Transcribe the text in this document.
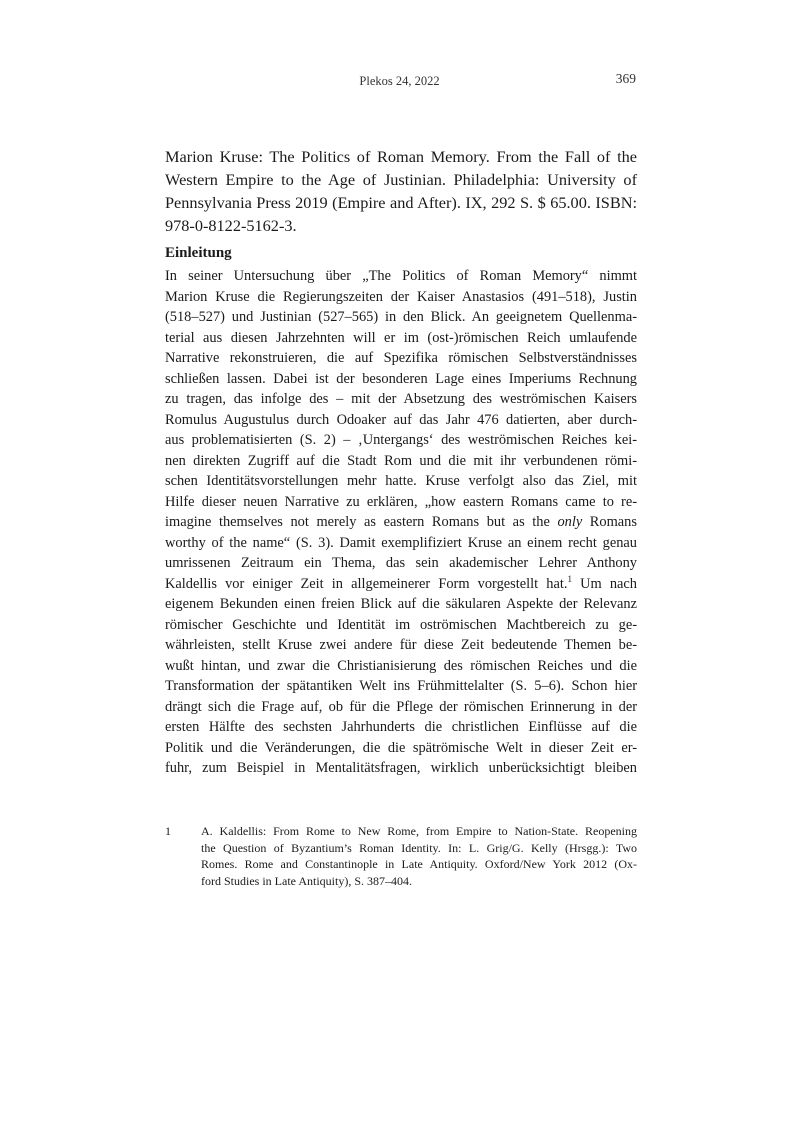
Plekos 24, 2022	369
Marion Kruse: The Politics of Roman Memory. From the Fall of the
Western Empire to the Age of Justinian. Philadelphia: University of
Pennsylvania Press 2019 (Empire and After). IX, 292 S. $ 65.00. ISBN:
978-0-8122-5162-3.
Einleitung
In seiner Untersuchung über „The Politics of Roman Memory“ nimmt
Marion Kruse die Regierungszeiten der Kaiser Anastasios (491–518), Justin
(518–527) und Justinian (527–565) in den Blick. An geeignetem Quellenma-
terial aus diesen Jahrzehnten will er im (ost-)römischen Reich umlaufende
Narrative rekonstruieren, die auf Spezifika römischen Selbstverständnisses
schließen lassen. Dabei ist der besonderen Lage eines Imperiums Rechnung
zu tragen, das infolge des – mit der Absetzung des weströmischen Kaisers
Romulus Augustulus durch Odoaker auf das Jahr 476 datierten, aber durch-
aus problematisierten (S. 2) – ‚Untergangs‘ des weströmischen Reiches kei-
nen direkten Zugriff auf die Stadt Rom und die mit ihr verbundenen römi-
schen Identitätsvorstellungen mehr hatte. Kruse verfolgt also das Ziel, mit
Hilfe dieser neuen Narrative zu erklären, „how eastern Romans came to re-
imagine themselves not merely as eastern Romans but as the only Romans
worthy of the name“ (S. 3). Damit exemplifiziert Kruse an einem recht genau
umrissenen Zeitraum ein Thema, das sein akademischer Lehrer Anthony
Kaldellis vor einiger Zeit in allgemeinerer Form vorgestellt hat.$^1$ Um nach
eigenem Bekunden einen freien Blick auf die säkularen Aspekte der Relevanz
römischer Geschichte und Identität im oströmischen Machtbereich zu ge-
währleisten, stellt Kruse zwei andere für diese Zeit bedeutende Themen be-
wußt hintan, und zwar die Christianisierung des römischen Reiches und die
Transformation der spätantiken Welt ins Frühmittelalter (S. 5–6). Schon hier
drängt sich die Frage auf, ob für die Pflege der römischen Erinnerung in der
ersten Hälfte des sechsten Jahrhunderts die christlichen Einflüsse auf die
Politik und die Veränderungen, die die spätrömische Welt in dieser Zeit er-
fuhr, zum Beispiel in Mentalitätsfragen, wirklich unberücksichtigt bleiben
1	A. Kaldellis: From Rome to New Rome, from Empire to Nation-State. Reopening
the Question of Byzantium’s Roman Identity. In: L. Grig/G. Kelly (Hrsgg.): Two
Romes. Rome and Constantinople in Late Antiquity. Oxford/New York 2012 (Ox-
ford Studies in Late Antiquity), S. 387–404.
